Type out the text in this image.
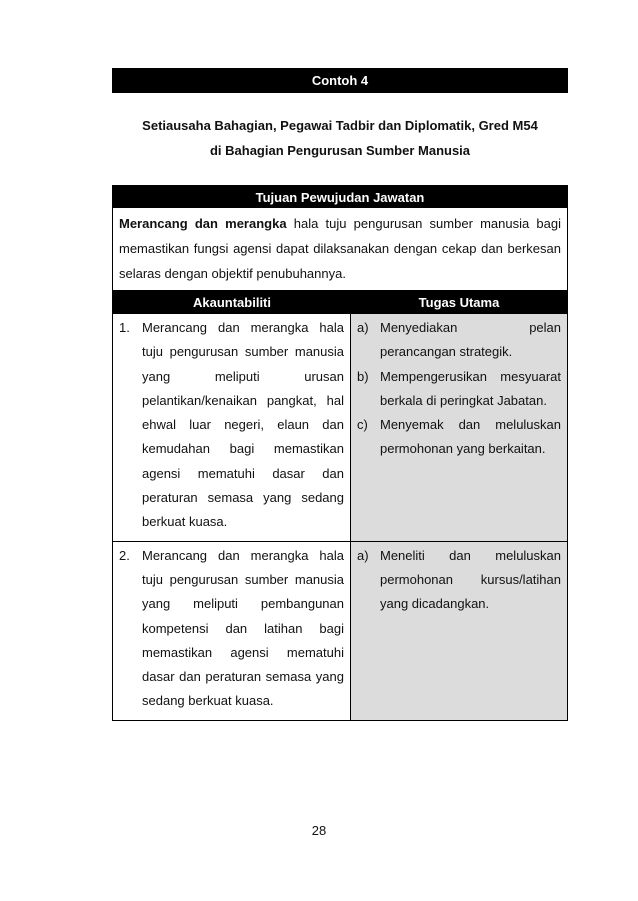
Contoh 4
Setiausaha Bahagian, Pegawai Tadbir dan Diplomatik, Gred M54
di Bahagian Pengurusan Sumber Manusia
Tujuan Pewujudan Jawatan
Merancang dan merangka hala tuju pengurusan sumber manusia bagi memastikan fungsi agensi dapat dilaksanakan dengan cekap dan berkesan selaras dengan objektif penubuhannya.
Akauntabiliti	Tugas Utama
1. Merancang dan merangka hala tuju pengurusan sumber manusia yang meliputi urusan pelantikan/kenaikan pangkat, hal ehwal luar negeri, elaun dan kemudahan bagi memastikan agensi mematuhi dasar dan peraturan semasa yang sedang berkuat kuasa.
a) Menyediakan pelan perancangan strategik.
b) Mempengerusikan mesyuarat berkala di peringkat Jabatan.
c) Menyemak dan meluluskan permohonan yang berkaitan.
2. Merancang dan merangka hala tuju pengurusan sumber manusia yang meliputi pembangunan kompetensi dan latihan bagi memastikan agensi mematuhi dasar dan peraturan semasa yang sedang berkuat kuasa.
a) Meneliti dan meluluskan permohonan kursus/latihan yang dicadangkan.
28
